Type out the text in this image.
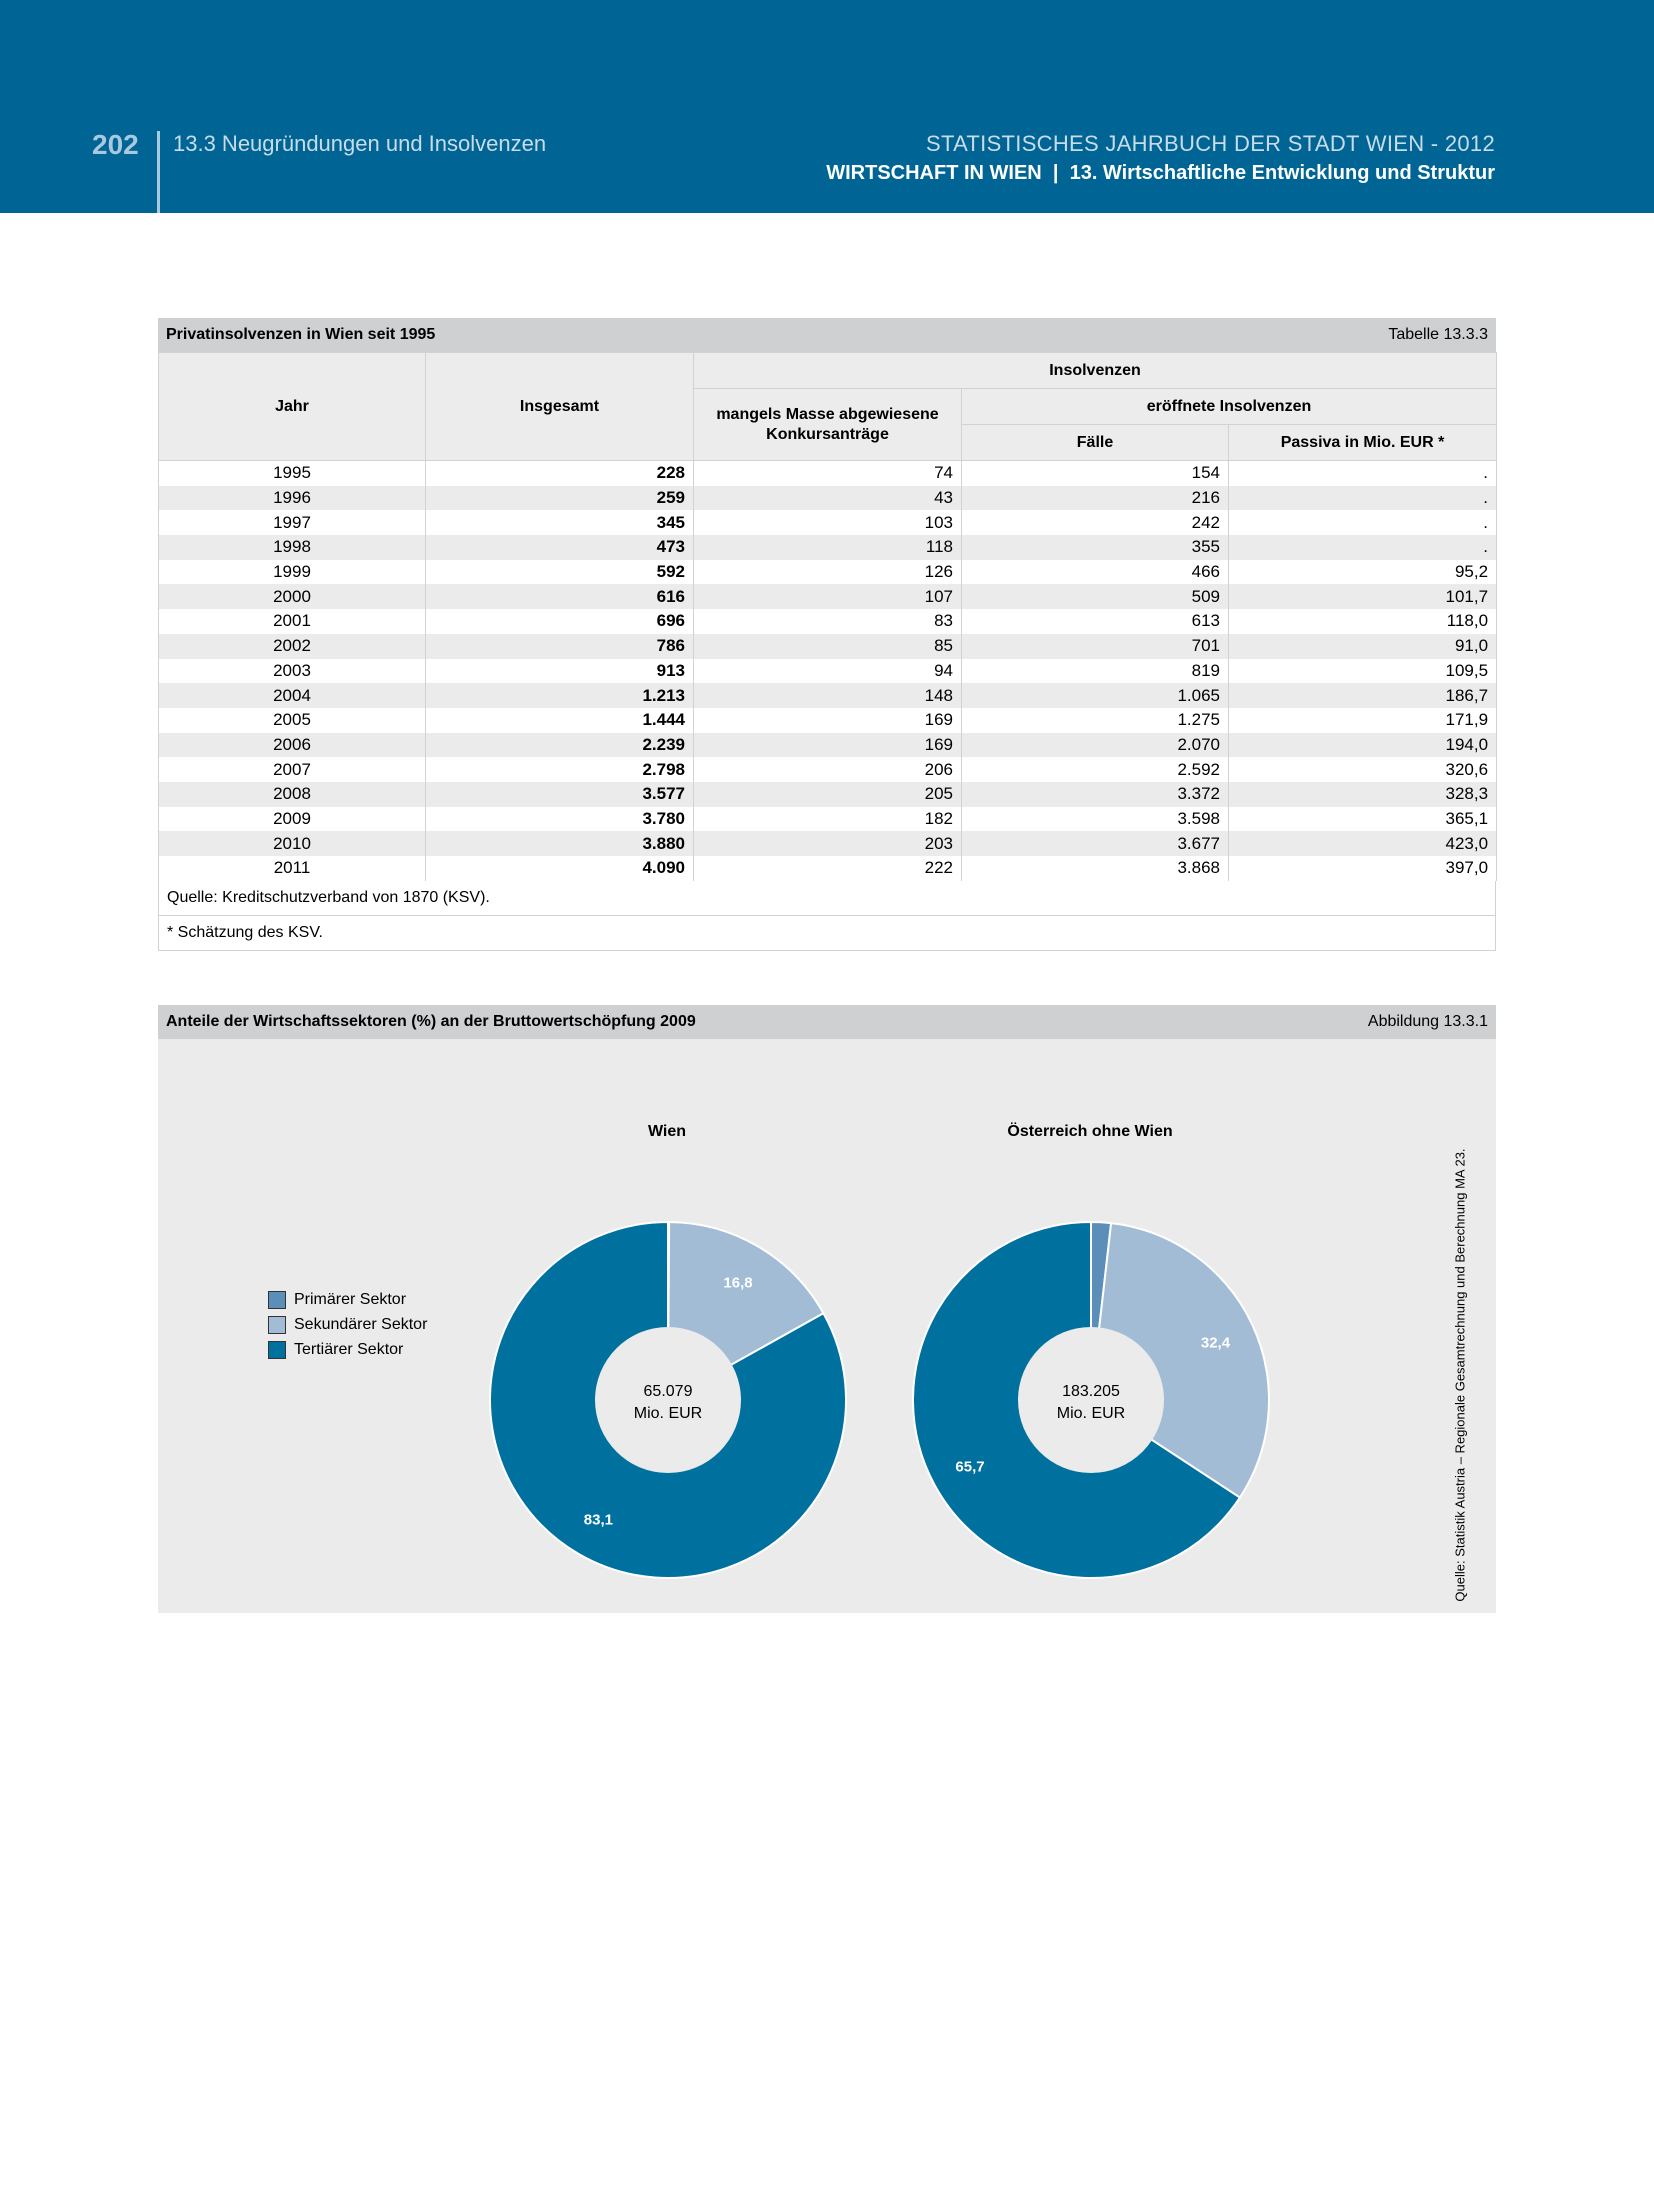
202 13.3 Neugründungen und Insolvenzen	STATISTISCHES JAHRBUCH DER STADT WIEN - 2012
WIRTSCHAFT IN WIEN  |  13. Wirtschaftliche Entwicklung und Struktur
Privatinsolvenzen in Wien seit 1995	Tabelle 13.3.3
Jahr	Insgesamt	Insolvenzen		
		mangels Masse abgewiesene Konkursanträge	eröffnete Insolvenzen	
			Fälle	Passiva in Mio. EUR *
1995	228	74	154	.
1996	259	43	216	.
1997	345	103	242	.
1998	473	118	355	.
1999	592	126	466	95,2
2000	616	107	509	101,7
2001	696	83	613	118,0
2002	786	85	701	91,0
2003	913	94	819	109,5
2004	1.213	148	1.065	186,7
2005	1.444	169	1.275	171,9
2006	2.239	169	2.070	194,0
2007	2.798	206	2.592	320,6
2008	3.577	205	3.372	328,3
2009	3.780	182	3.598	365,1
2010	3.880	203	3.677	423,0
2011	4.090	222	3.868	397,0
Quelle: Kreditschutzverband von 1870 (KSV).
* Schätzung des KSV.
Anteile der Wirtschaftssektoren (%) an der Bruttowertschöpfung 2009	Abbildung 13.3.1
Wien	Österreich ohne Wien
16,8
83,1
65.079
Mio. EUR
32,4
65,7
183.205
Mio. EUR
Primärer Sektor
Sekundärer Sektor
Tertiärer Sektor	Quelle: Statistik Austria – Regionale Gesamtrechnung und Berechnung MA 23.
